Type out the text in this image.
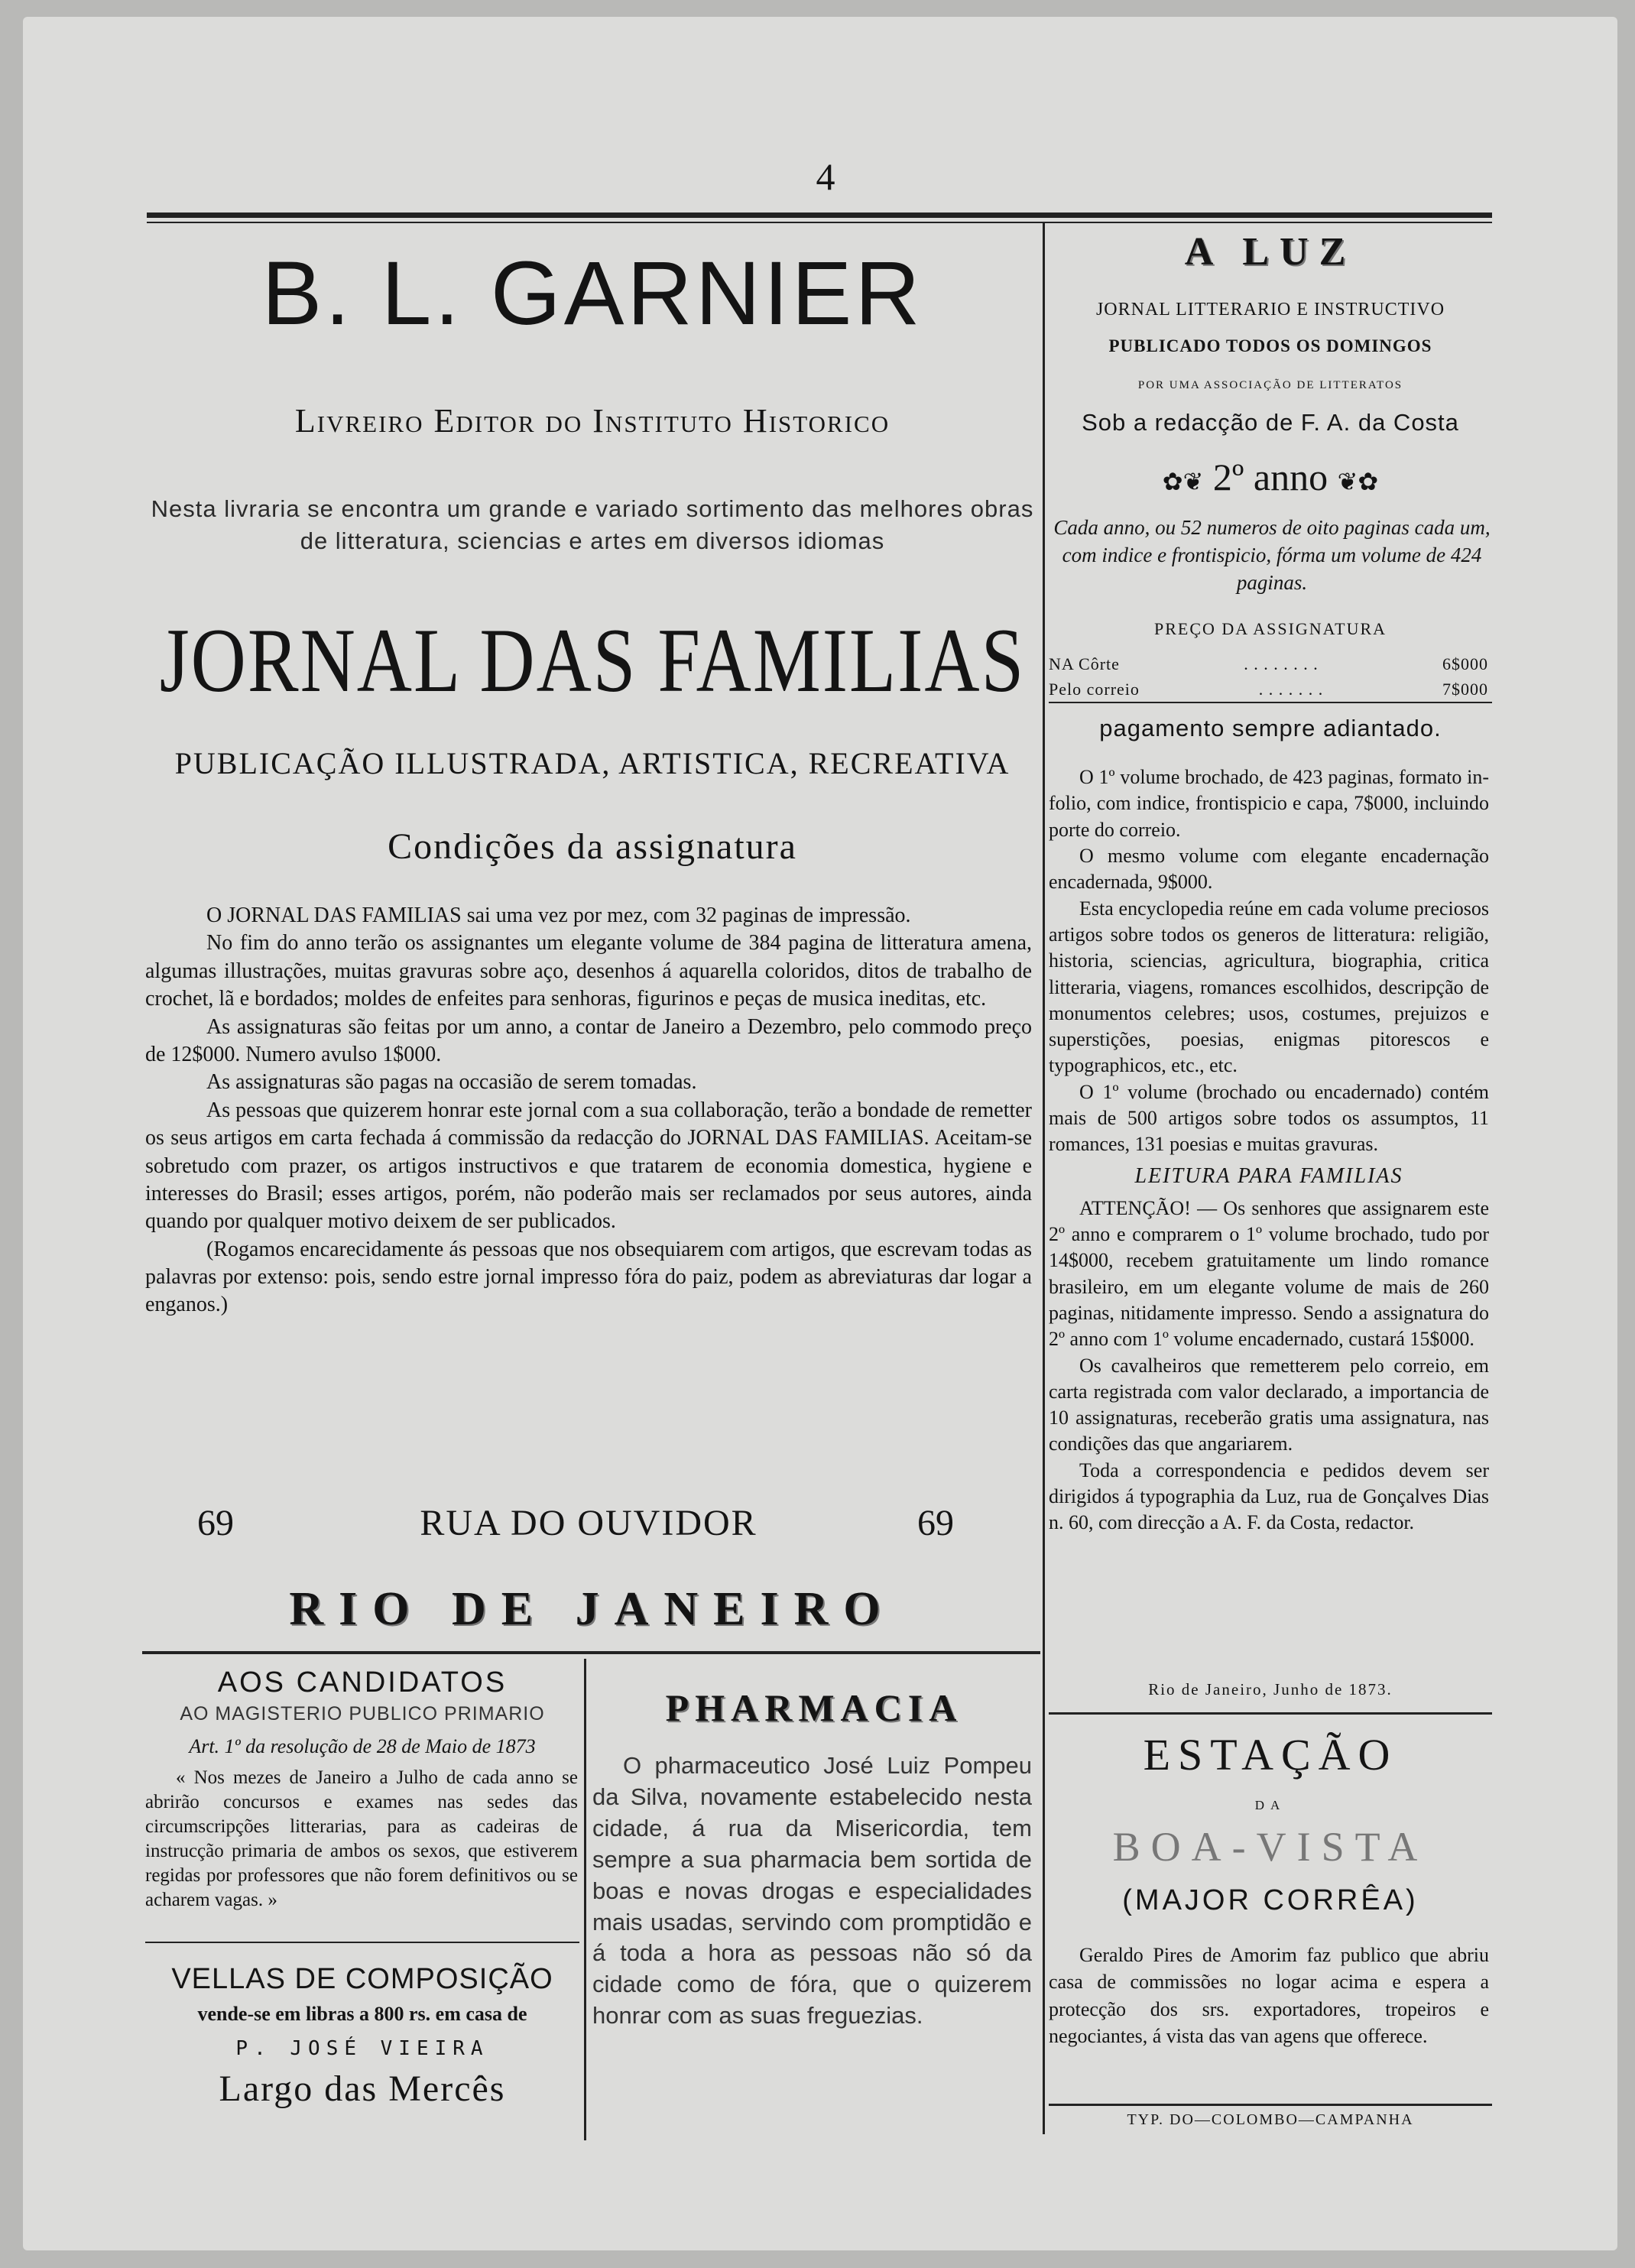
4
B. L. GARNIER
Livreiro Editor do Instituto Historico
Nesta livraria se encontra um grande e variado sortimento das melhores obras de litteratura, sciencias e artes em diversos idiomas
JORNAL DAS FAMILIAS
PUBLICAÇÃO ILLUSTRADA, ARTISTICA, RECREATIVA
Condições da assignatura

O JORNAL DAS FAMILIAS sai uma vez por mez, com 32 paginas de impressão.

No fim do anno terão os assignantes um elegante volume de 384 pagina de litteratura amena, algumas illustrações, muitas gravuras sobre aço, desenhos á aquarella coloridos, ditos de trabalho de crochet, lã e bordados; moldes de enfeites para senhoras, figurinos e peças de musica ineditas, etc.

As assignaturas são feitas por um anno, a contar de Janeiro a Dezembro, pelo commodo preço de 12$000. Numero avulso 1$000.

As assignaturas são pagas na occasião de serem tomadas.

As pessoas que quizerem honrar este jornal com a sua collaboração, terão a bondade de remetter os seus artigos em carta fechada á commissão da redacção do JORNAL DAS FAMILIAS. Aceitam-se sobretudo com prazer, os artigos instructivos e que tratarem de economia domestica, hygiene e interesses do Brasil; esses artigos, porém, não poderão mais ser reclamados por seus autores, ainda quando por qualquer motivo deixem de ser publicados.

(Rogamos encarecidamente ás pessoas que nos obsequiarem com artigos, que escrevam todas as palavras por extenso: pois, sendo estre jornal impresso fóra do paiz, podem as abreviaturas dar logar a enganos.)

69	RUA DO OUVIDOR	69
RIO DE JANEIRO
AOS CANDIDATOS
AO MAGISTERIO PUBLICO PRIMARIO
Art. 1º da resolução de 28 de Maio de 1873
« Nos mezes de Janeiro a Julho de cada anno se abrirão concursos e exames nas sedes das circumscripções litterarias, para as cadeiras de instrucção primaria de ambos os sexos, que estiverem regidas por professores que não forem definitivos ou se acharem vagas. »
VELLAS DE COMPOSIÇÃO
vende-se em libras a 800 rs. em casa de
P. JOSÉ VIEIRA
Largo das Mercês
PHARMACIA
O pharmaceutico José Luiz Pompeu da Silva, novamente estabelecido nesta cidade, á rua da Misericordia, tem sempre a sua pharmacia bem sortida de boas e novas drogas e especialidades mais usadas, servindo com promptidão e á toda a hora as pessoas não só da cidade como de fóra, que o quizerem honrar com as suas freguezias.
A LUZ
JORNAL LITTERARIO E INSTRUCTIVO
PUBLICADO TODOS OS DOMINGOS
POR UMA ASSOCIAÇÃO DE LITTERATOS
Sob a redacção de F. A. da Costa
✿❦ 2º anno ❦✿
Cada anno, ou 52 numeros de oito paginas cada um, com indice e frontispicio, fórma um volume de 424 paginas.
PREÇO DA ASSIGNATURA
NA Côrte	. . . . . . . .	6$000
Pelo correio	. . . . . . .	7$000
pagamento sempre adiantado.

O 1º volume brochado, de 423 paginas, formato in-folio, com indice, frontispicio e capa, 7$000, incluindo porte do correio.

O mesmo volume com elegante encadernação encadernada, 9$000.

Esta encyclopedia reúne em cada volume preciosos artigos sobre todos os generos de litteratura: religião, historia, sciencias, agricultura, biographia, critica litteraria, viagens, romances escolhidos, descripção de monumentos celebres; usos, costumes, prejuizos e superstições, poesias, enigmas pitorescos e typographicos, etc., etc.

O 1º volume (brochado ou encadernado) contém mais de 500 artigos sobre todos os assumptos, 11 romances, 131 poesias e muitas gravuras.

LEITURA PARA FAMILIAS

ATTENÇÃO! — Os senhores que assignarem este 2º anno e comprarem o 1º volume brochado, tudo por 14$000, recebem gratuitamente um lindo romance brasileiro, em um elegante volume de mais de 260 paginas, nitidamente impresso. Sendo a assignatura do 2º anno com 1º volume encadernado, custará 15$000.

Os cavalheiros que remetterem pelo correio, em carta registrada com valor declarado, a importancia de 10 assignaturas, receberão gratis uma assignatura, nas condições das que angariarem.

Toda a correspondencia e pedidos devem ser dirigidos á typographia da Luz, rua de Gonçalves Dias n. 60, com direcção a A. F. da Costa, redactor.

Rio de Janeiro, Junho de 1873.
ESTAÇÃO
DA
BOA-VISTA
(MAJOR CORRÊA)
Geraldo Pires de Amorim faz publico que abriu casa de commissões no logar acima e espera a protecção dos srs. exportadores, tropeiros e negociantes, á vista das van agens que offerece.
TYP. DO—COLOMBO—CAMPANHA
